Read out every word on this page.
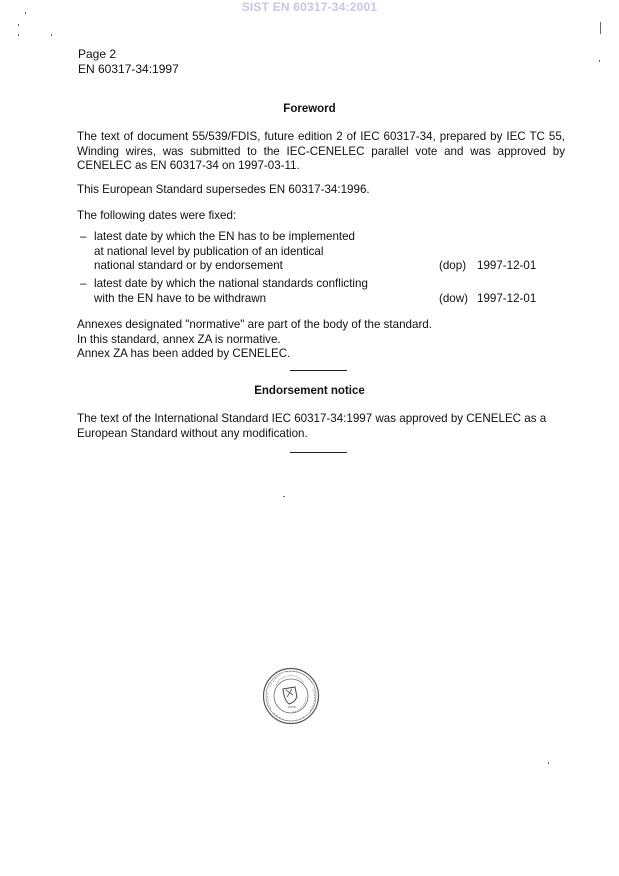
SIST EN 60317-34:2001
Page 2
EN 60317-34:1997
Foreword
The text of document 55/539/FDIS, future edition 2 of IEC 60317-34, prepared by IEC TC 55, Winding wires, was submitted to the IEC-CENELEC parallel vote and was approved by CENELEC as EN 60317-34 on 1997-03-11.
This European Standard supersedes EN 60317-34:1996.
The following dates were fixed:
– latest date by which the EN has to be implemented
at national level by publication of an identical
national standard or by endorsement	(dop) 1997-12-01
– latest date by which the national standards conflicting
with the EN have to be withdrawn	(dow) 1997-12-01
Annexes designated "normative" are part of the body of the standard.
In this standard, annex ZA is normative.
Annex ZA has been added by CENELEC.
Endorsement notice
The text of the International Standard IEC 60317-34:1997 was approved by CENELEC as a European Standard without any modification.
